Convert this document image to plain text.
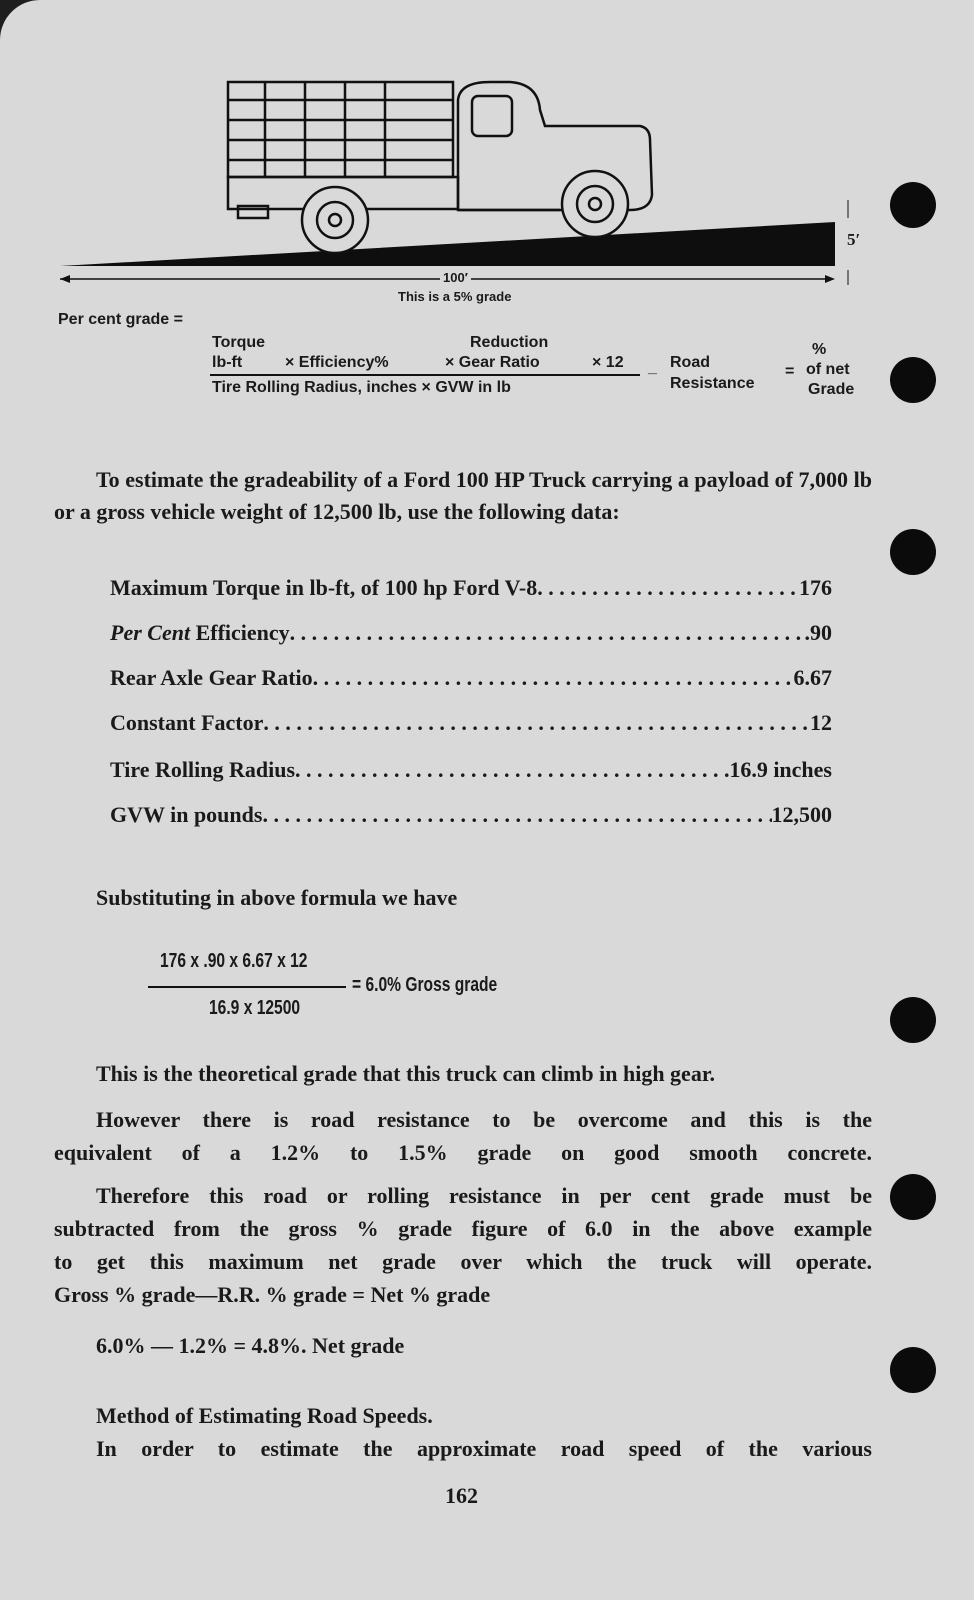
100′
5′
This is a 5% grade
Per cent grade =
Torque
lb-ft	× Efficiency%
Reduction
× Gear Ratio	× 12
Tire Rolling Radius, inches × GVW in lb
_ Road
Resistance
=
%
of net
Grade
To estimate the gradeability of a Ford 100 HP Truck carrying a payload of 7,000 lb or a gross vehicle weight of 12,500 lb, use the following data:
Maximum Torque in lb-ft, of 100 hp Ford V-8 . . .	176
Per Cent Efficiency . . .	.90
Rear Axle Gear Ratio . . .	6.67
Constant Factor . . .	12
Tire Rolling Radius . . .	16.9 inches
GVW in pounds . . .	12,500
Substituting in above formula we have
176 x .90 x 6.67 x 12
16.9 x 12500
= 6.0% Gross grade
This is the theoretical grade that this truck can climb in high gear.
However there is road resistance to be overcome and this is the
equivalent of a 1.2% to 1.5% grade on good smooth concrete.
Therefore this road or rolling resistance in per cent grade must be
subtracted from the gross % grade figure of 6.0 in the above example
to get this maximum net grade over which the truck will operate.
Gross % grade—R.R. % grade = Net % grade
6.0% — 1.2% = 4.8%. Net grade
Method of Estimating Road Speeds.
In order to estimate the approximate road speed of the various
162
